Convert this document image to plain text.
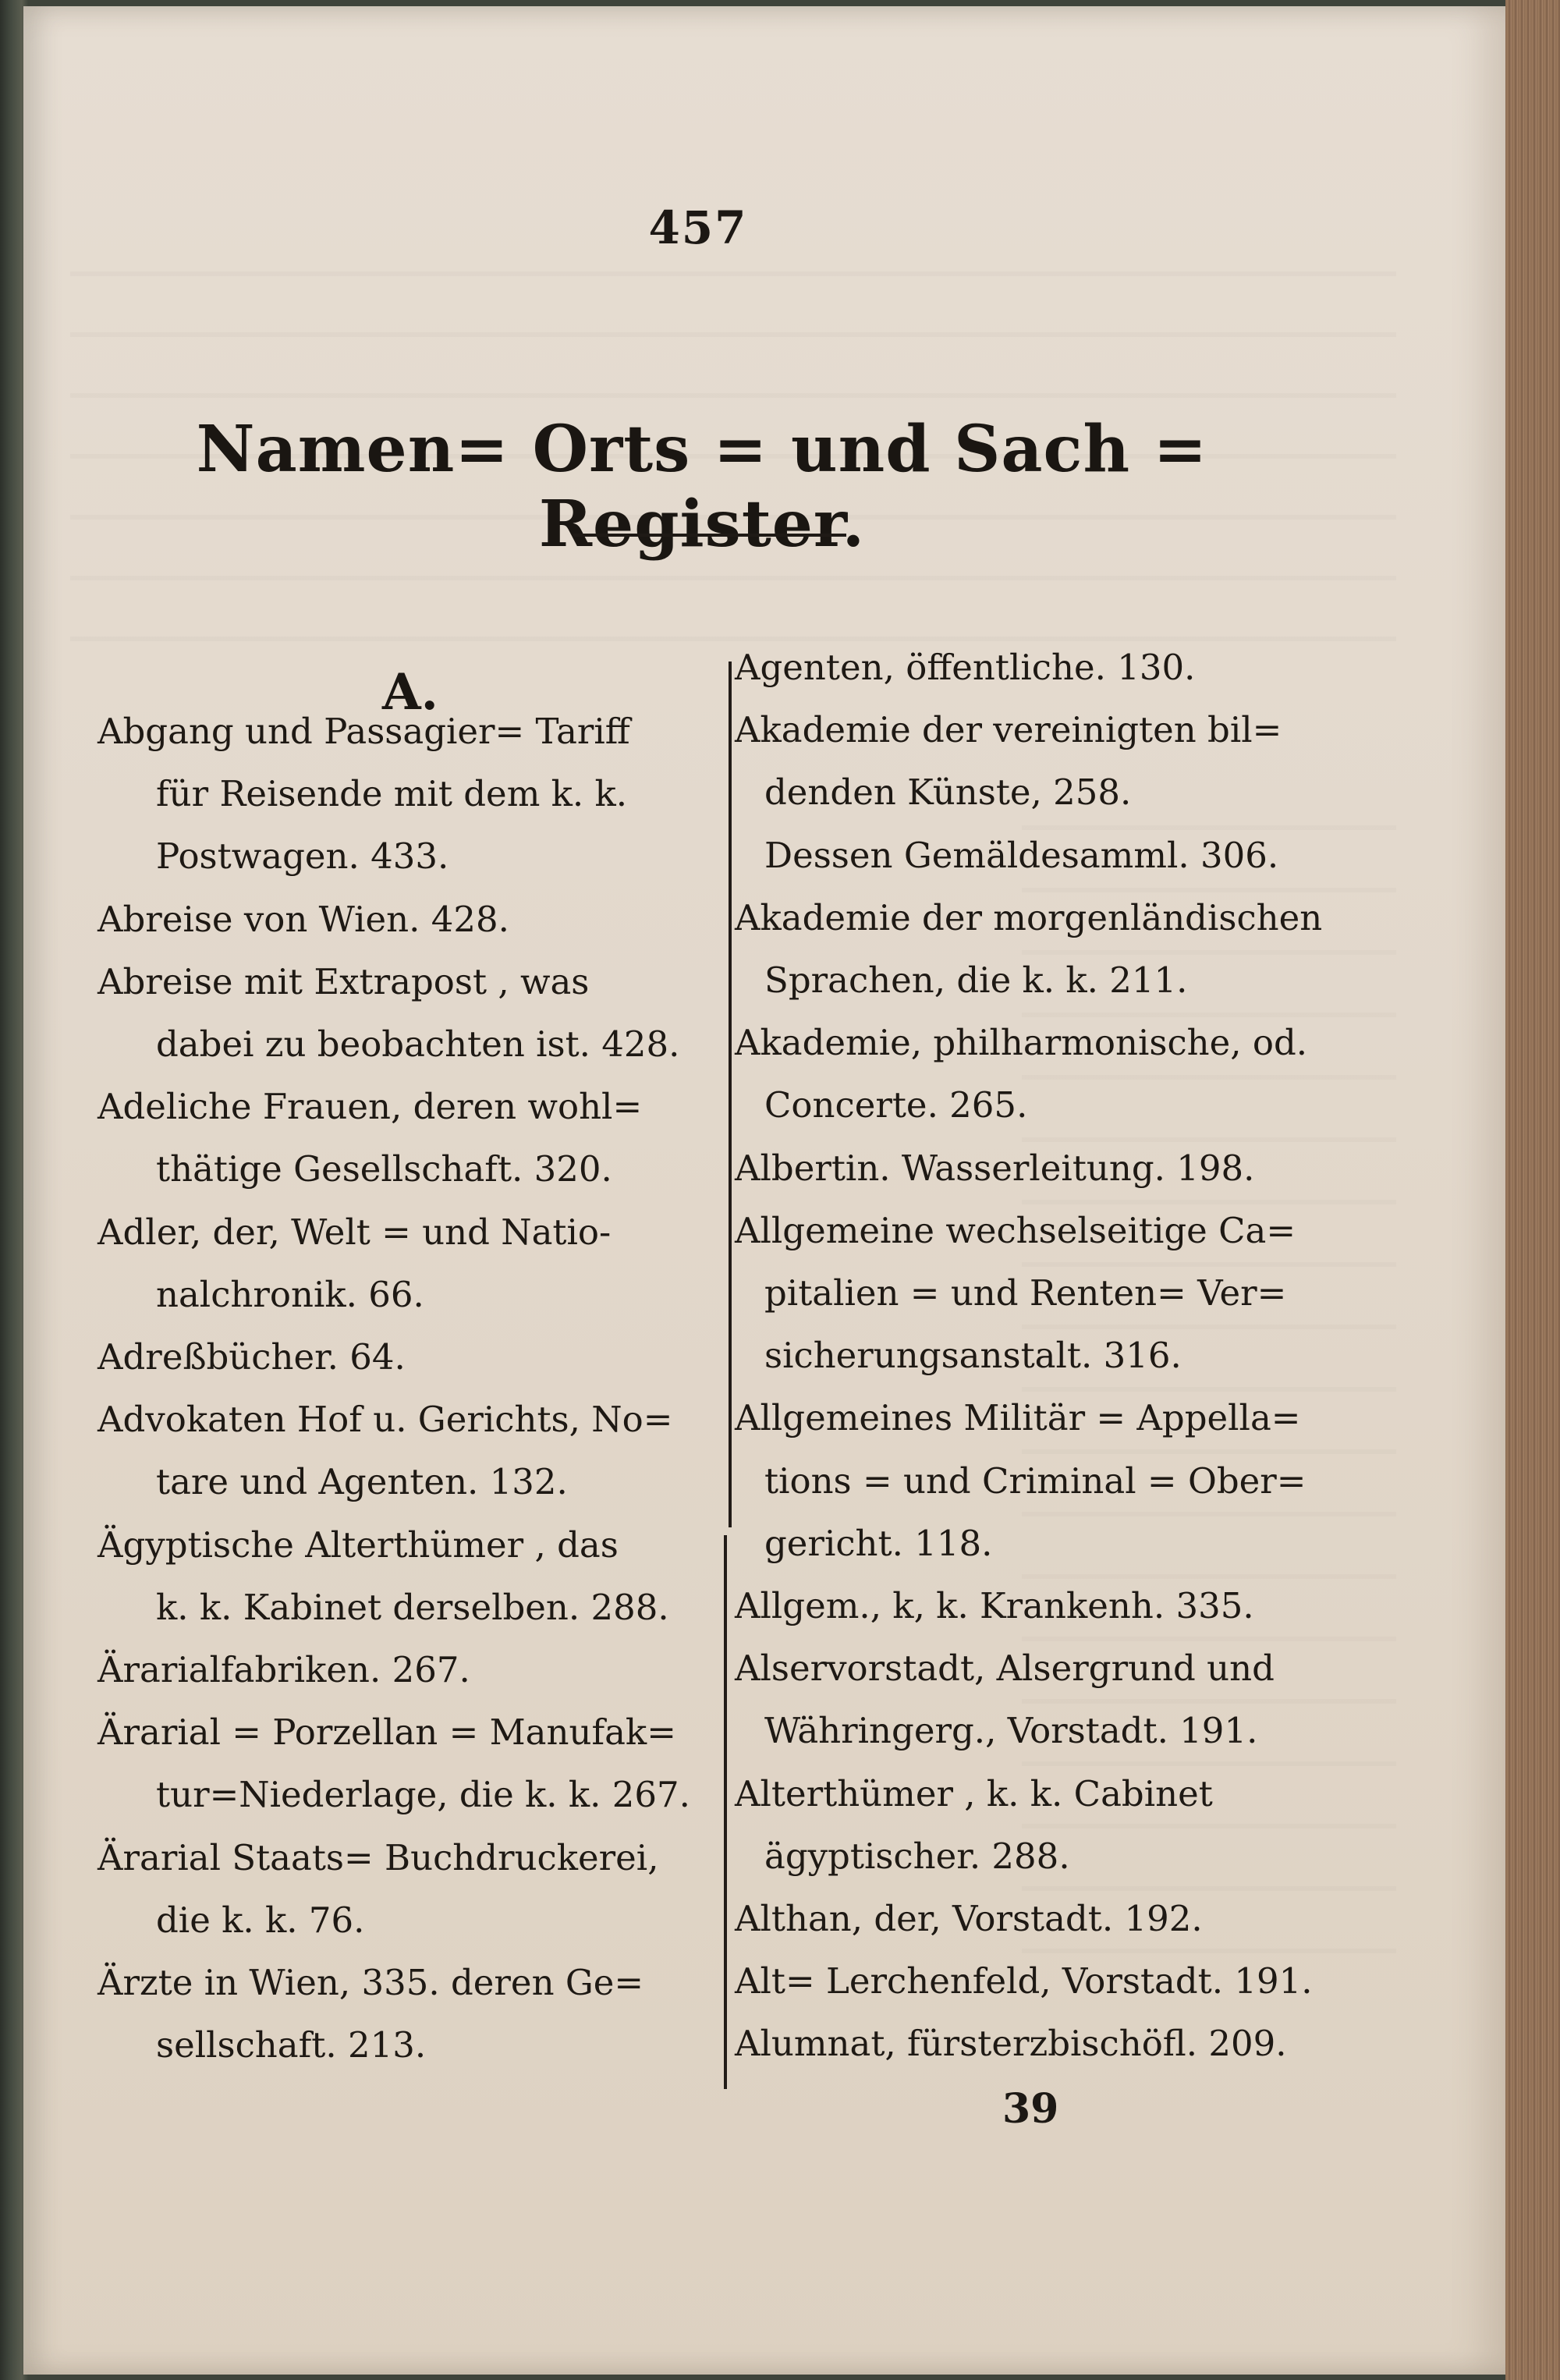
457
Namen= Orts = und Sach = Register.
A.
Abgang und Passagier= Tariff
für Reisende mit dem k. k.
Postwagen. 433.
Abreise von Wien. 428.
Abreise mit Extrapost , was
dabei zu beobachten ist. 428.
Adeliche Frauen, deren wohl=
thätige Gesellschaft. 320.
Adler, der, Welt = und Natio-
nalchronik. 66.
Adreßbücher. 64.
Advokaten Hof u. Gerichts, No=
tare und Agenten. 132.
Ägyptische Alterthümer , das
k. k. Kabinet derselben. 288.
Ärarialfabriken. 267.
Ärarial = Porzellan = Manufak=
tur=Niederlage, die k. k. 267.
Ärarial Staats= Buchdruckerei,
die k. k. 76.
Ärzte in Wien, 335. deren Ge=
sellschaft. 213.
Agenten, öffentliche. 130.
Akademie der vereinigten bil=
denden Künste, 258.
Dessen Gemäldesamml. 306.
Akademie der morgenländischen
Sprachen, die k. k. 211.
Akademie, philharmonische, od.
Concerte. 265.
Albertin. Wasserleitung. 198.
Allgemeine wechselseitige Ca=
pitalien = und Renten= Ver=
sicherungsanstalt. 316.
Allgemeines Militär = Appella=
tions = und Criminal = Ober=
gericht. 118.
Allgem., k, k. Krankenh. 335.
Alservorstadt, Alsergrund und
Währingerg., Vorstadt. 191.
Alterthümer , k. k. Cabinet
ägyptischer. 288.
Althan, der, Vorstadt. 192.
Alt= Lerchenfeld, Vorstadt. 191.
Alumnat, fürsterzbischöfl. 209.
39
